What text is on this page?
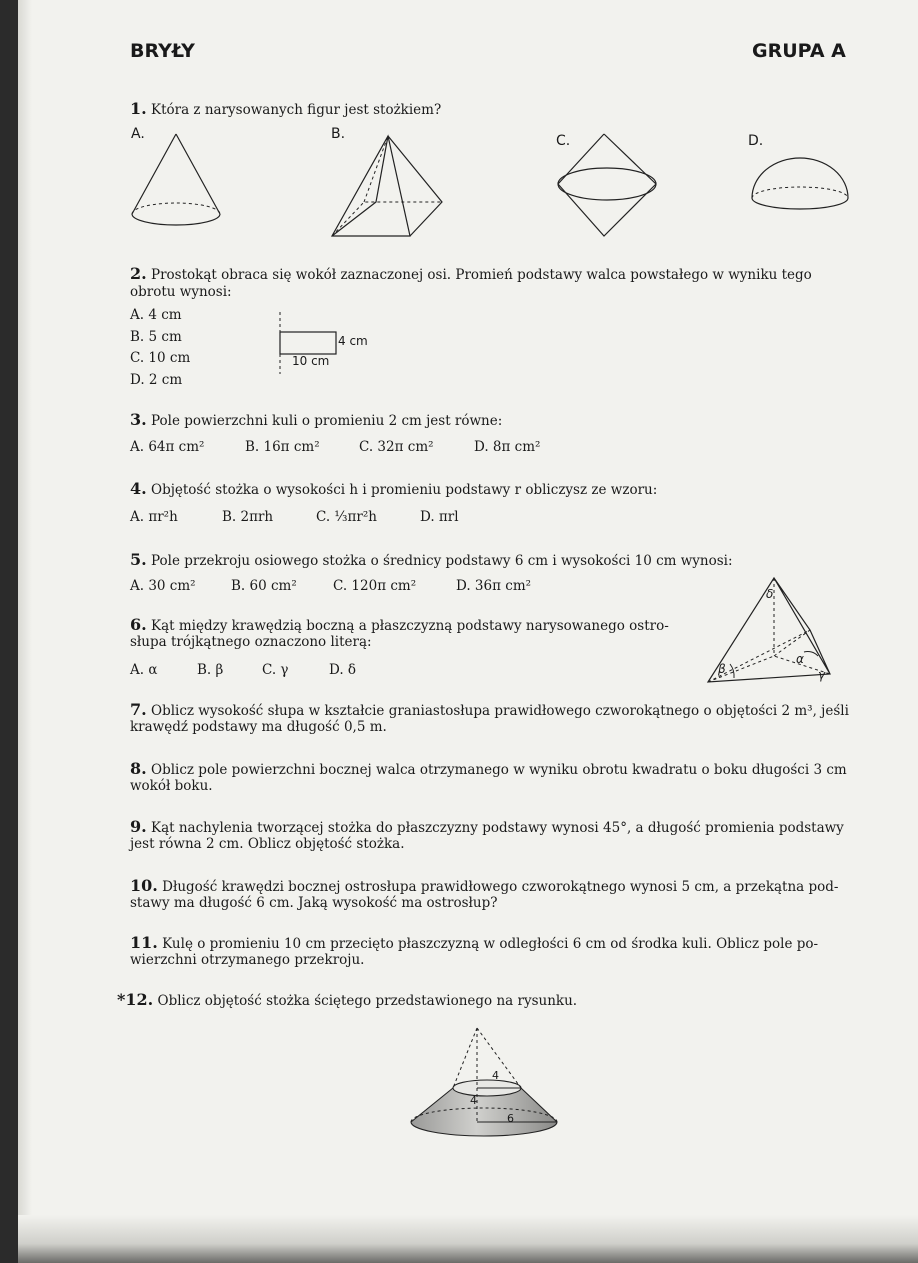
BRYŁY	GRUPA A
1. Która z narysowanych figur jest stożkiem?
A.	B.	C.	D.
2. Prostokąt obraca się wokół zaznaczonej osi. Promień podstawy walca powstałego w wyniku tego obrotu wynosi:
A. 4 cm
B. 5 cm
C. 10 cm
D. 2 cm
4 cm
10 cm
3. Pole powierzchni kuli o promieniu 2 cm jest równe:
A. 64π cm²	B. 16π cm²	C. 32π cm²	D. 8π cm²
4. Objętość stożka o wysokości h i promieniu podstawy r obliczysz ze wzoru:
A. πr²h	B. 2πrh	C. ⅓πr²h	D. πrl
5. Pole przekroju osiowego stożka o średnicy podstawy 6 cm i wysokości 10 cm wynosi:
A. 30 cm²	B. 60 cm²	C. 120π cm²	D. 36π cm²
6. Kąt między krawędzią boczną a płaszczyzną podstawy narysowanego ostro-
słupa trójkątnego oznaczono literą:
A. α	B. β	C. γ	D. δ
δ
α
β	γ
7. Oblicz wysokość słupa w kształcie graniastosłupa prawidłowego czworokątnego o objętości 2 m³, jeśli
krawędź podstawy ma długość 0,5 m.
8. Oblicz pole powierzchni bocznej walca otrzymanego w wyniku obrotu kwadratu o boku długości 3 cm
wokół boku.
9. Kąt nachylenia tworzącej stożka do płaszczyzny podstawy wynosi 45°, a długość promienia podstawy
jest równa 2 cm. Oblicz objętość stożka.
10. Długość krawędzi bocznej ostrosłupa prawidłowego czworokątnego wynosi 5 cm, a przekątna pod-
stawy ma długość 6 cm. Jaką wysokość ma ostrosłup?
11. Kulę o promieniu 10 cm przecięto płaszczyzną w odległości 6 cm od środka kuli. Oblicz pole po-
wierzchni otrzymanego przekroju.
*12. Oblicz objętość stożka ściętego przedstawionego na rysunku.
4
4
6
